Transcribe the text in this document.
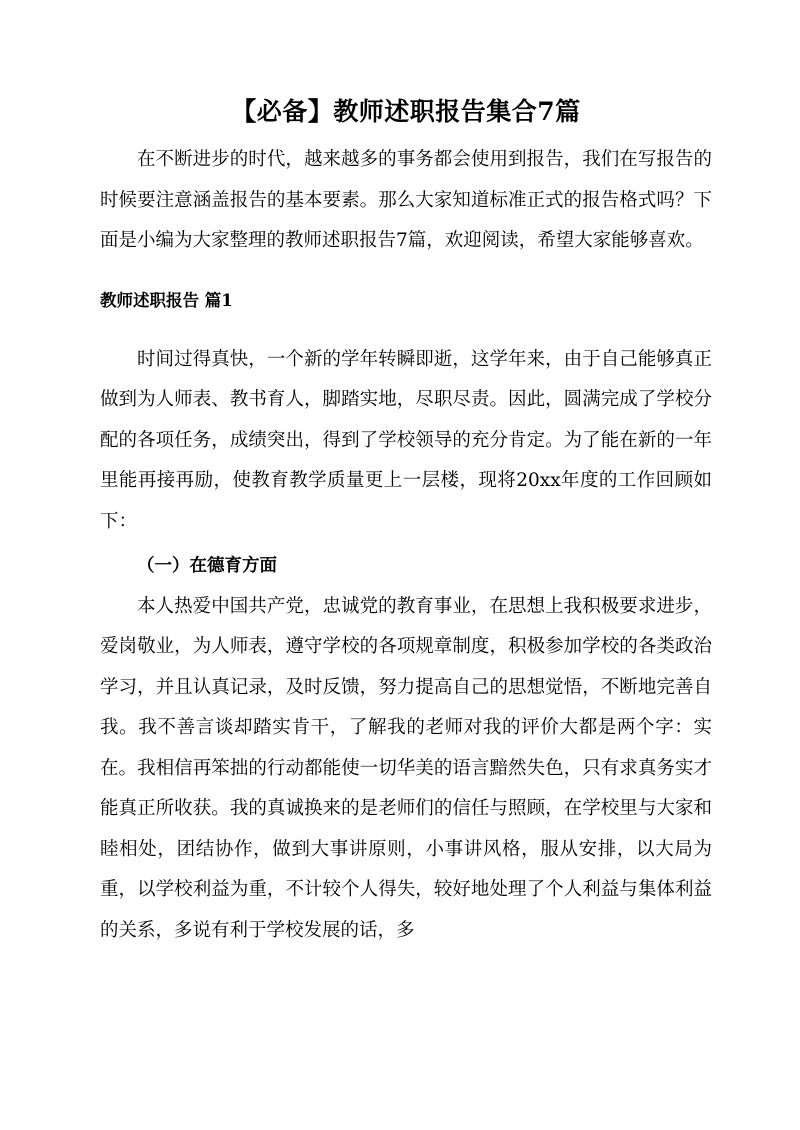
【必备】教师述职报告集合7篇

在不断进步的时代，越来越多的事务都会使用到报告，我们在写报告的时候要注意涵盖报告的基本要素。那么大家知道标准正式的报告格式吗？下面是小编为大家整理的教师述职报告7篇，欢迎阅读，希望大家能够喜欢。

教师述职报告 篇1

时间过得真快，一个新的学年转瞬即逝，这学年来，由于自己能够真正做到为人师表、教书育人，脚踏实地，尽职尽责。因此，圆满完成了学校分配的各项任务，成绩突出，得到了学校领导的充分肯定。为了能在新的一年里能再接再励，使教育教学质量更上一层楼，现将20xx年度的工作回顾如下：

（一）在德育方面

本人热爱中国共产党，忠诚党的教育事业，在思想上我积极要求进步，爱岗敬业，为人师表，遵守学校的各项规章制度，积极参加学校的各类政治学习，并且认真记录，及时反馈，努力提高自己的思想觉悟，不断地完善自我。我不善言谈却踏实肯干，了解我的老师对我的评价大都是两个字：实在。我相信再笨拙的行动都能使一切华美的语言黯然失色，只有求真务实才能真正所收获。我的真诚换来的是老师们的信任与照顾，在学校里与大家和睦相处，团结协作，做到大事讲原则，小事讲风格，服从安排，以大局为重，以学校利益为重，不计较个人得失，较好地处理了个人利益与集体利益的关系，多说有利于学校发展的话，多
